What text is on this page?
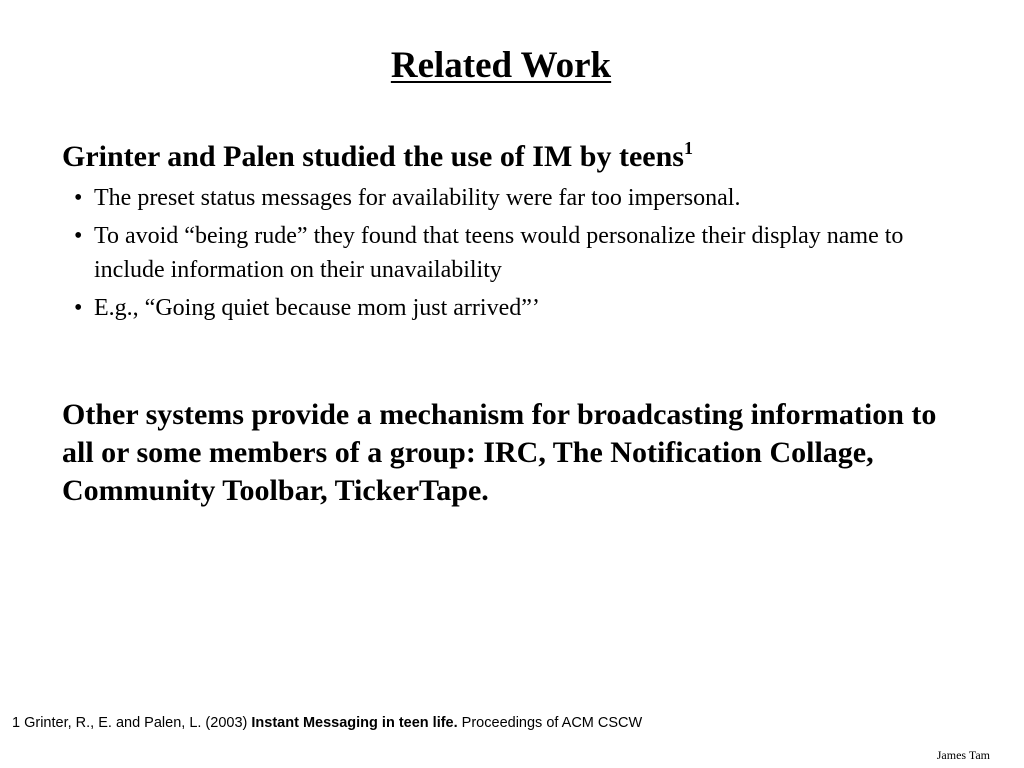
Related Work

Grinter and Palen studied the use of IM by teens$^1$

• The preset status messages for availability were far too impersonal.
• To avoid “being rude” they found that teens would personalize their display name to include information on their unavailability
• E.g., “Going quiet because mom just arrived”’

Other systems provide a mechanism for broadcasting information to all or some members of a group: IRC, The Notification Collage, Community Toolbar, TickerTape.

1 Grinter, R., E. and Palen, L. (2003) Instant Messaging in teen life. Proceedings of ACM CSCW
James Tam
